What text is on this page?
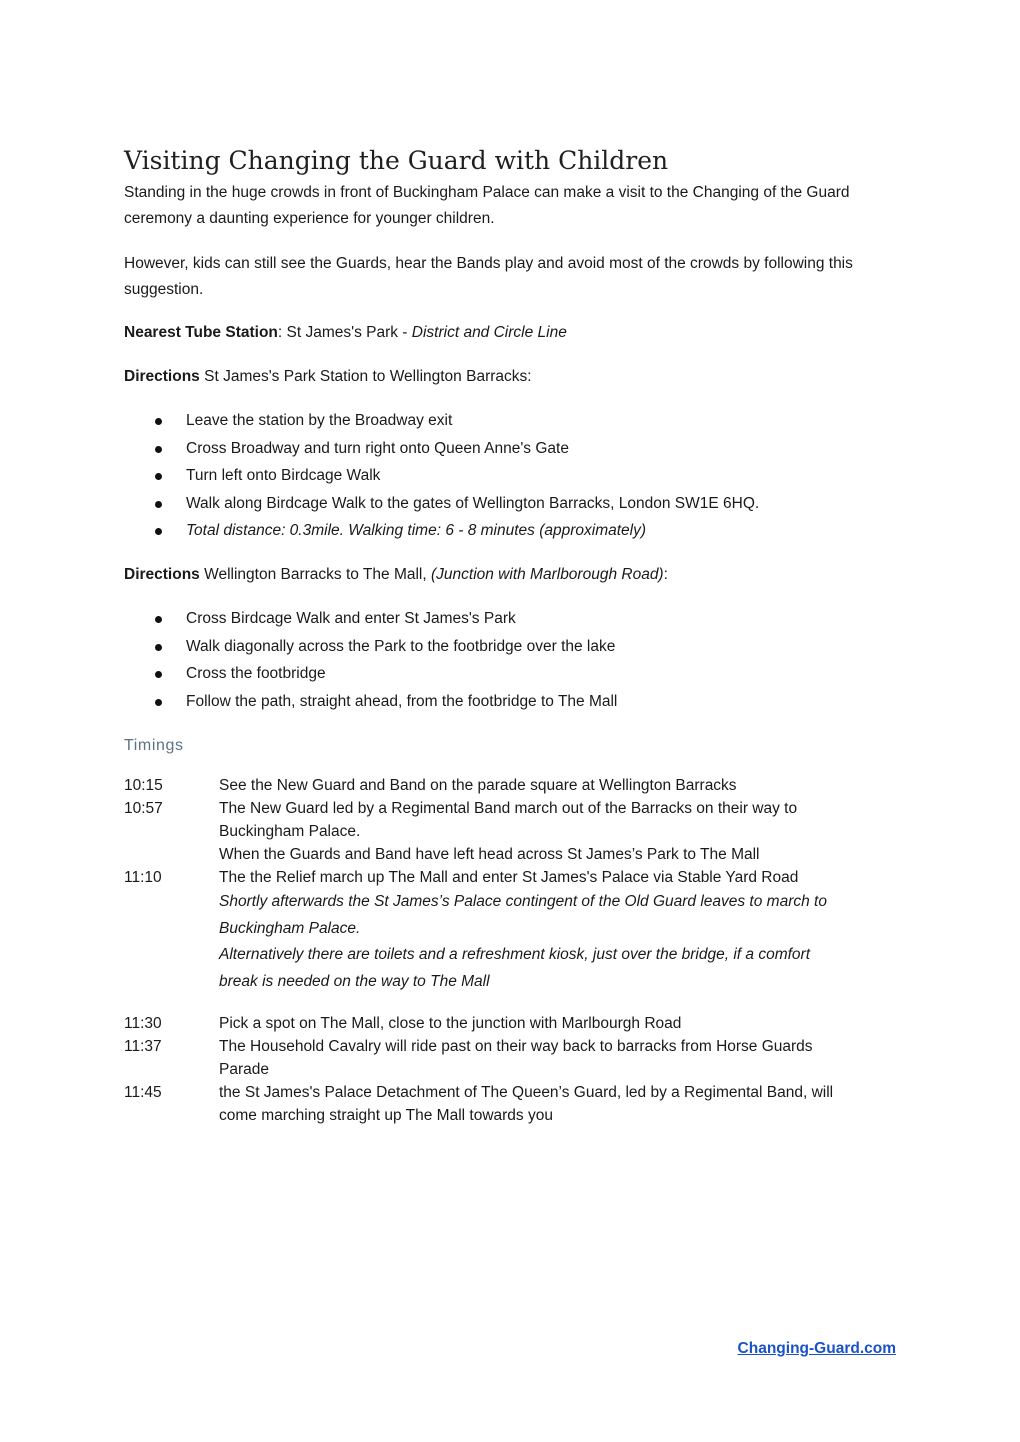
Visiting Changing the Guard with Children

Standing in the huge crowds in front of Buckingham Palace can make a visit to the Changing of the Guard ceremony a daunting experience for younger children.

However, kids can still see the Guards, hear the Bands play and avoid most of the crowds by following this suggestion.

Nearest Tube Station: St James's Park - District and Circle Line

Directions St James's Park Station to Wellington Barracks:

Leave the station by the Broadway exit
Cross Broadway and turn right onto Queen Anne's Gate
Turn left onto Birdcage Walk
Walk along Birdcage Walk to the gates of Wellington Barracks, London SW1E 6HQ.
Total distance: 0.3mile. Walking time: 6 - 8 minutes (approximately)

Directions Wellington Barracks to The Mall, (Junction with Marlborough Road):

Cross Birdcage Walk and enter St James's Park
Walk diagonally across the Park to the footbridge over the lake
Cross the footbridge
Follow the path, straight ahead, from the footbridge to The Mall
Timings
10:15	See the New Guard and Band on the parade square at Wellington Barracks
10:57	The New Guard led by a Regimental Band march out of the Barracks on their way to
Buckingham Palace.
When the Guards and Band have left head across St James’s Park to The Mall
11:10	The the Relief march up The Mall and enter St James's Palace via Stable Yard Road
Shortly afterwards the St James’s Palace contingent of the Old Guard leaves to march to
Buckingham Palace.
Alternatively there are toilets and a refreshment kiosk, just over the bridge, if a comfort
break is needed on the way to The Mall
11:30	Pick a spot on The Mall, close to the junction with Marlbourgh Road
11:37	The Household Cavalry will ride past on their way back to barracks from Horse Guards
Parade
11:45	the St James's Palace Detachment of The Queen’s Guard, led by a Regimental Band, will
come marching straight up The Mall towards you
Changing-Guard.com
